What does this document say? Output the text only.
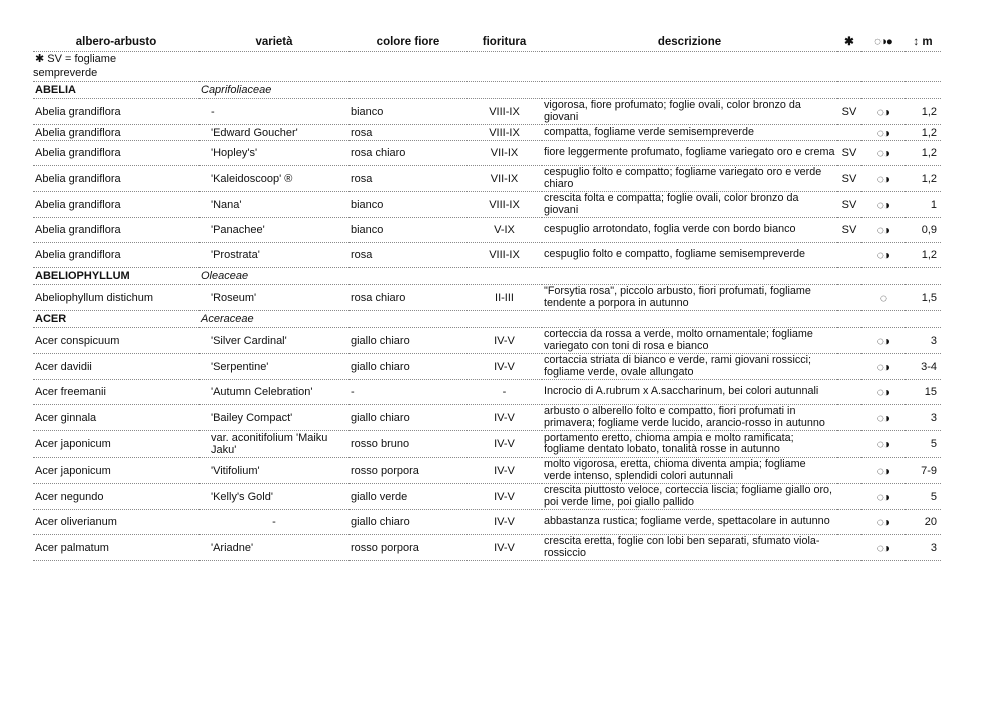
albero-arbusto	varietà	colore fiore	fioritura	descrizione	✱	◌◑●	↕ m
✱ SV = fogliame							
sempreverde							
ABELIA	Caprifoliaceae						
Abelia grandiflora	-	bianco	VIII-IX	vigorosa, fiore profumato; foglie ovali, color bronzo da giovani	SV	◌◑	1,2
Abelia grandiflora	'Edward Goucher'	rosa	VIII-IX	compatta, fogliame verde semisempreverde		◌◑	1,2
Abelia grandiflora	'Hopley's'	rosa chiaro	VII-IX	fiore leggermente profumato, fogliame variegato oro e crema	SV	◌◑	1,2
Abelia grandiflora	'Kaleidoscoop' ®	rosa	VII-IX	cespuglio folto e compatto; fogliame variegato oro e verde chiaro	SV	◌◑	1,2
Abelia grandiflora	'Nana'	bianco	VIII-IX	crescita folta e compatta; foglie ovali, color bronzo da giovani	SV	◌◑	1
Abelia grandiflora	'Panachee'	bianco	V-IX	cespuglio arrotondato, foglia verde con bordo bianco	SV	◌◑	0,9
Abelia grandiflora	'Prostrata'	rosa	VIII-IX	cespuglio folto e compatto, fogliame semisempreverde		◌◑	1,2
ABELIOPHYLLUM	Oleaceae						
Abeliophyllum distichum	'Roseum'	rosa chiaro	II-III	"Forsytia rosa", piccolo arbusto, fiori profumati, fogliame tendente a porpora in autunno		◌	1,5
ACER	Aceraceae						
Acer conspicuum	'Silver Cardinal'	giallo chiaro	IV-V	corteccia da rossa a verde, molto ornamentale; fogliame variegato con toni di rosa e bianco		◌◑	3
Acer davidii	'Serpentine'	giallo chiaro	IV-V	cortaccia striata di bianco e verde, rami giovani rossicci; fogliame verde, ovale allungato		◌◑	3-4
Acer freemanii	'Autumn Celebration'	-	-	Incrocio di A.rubrum x A.saccharinum, bei colori autunnali		◌◑	15
Acer ginnala	'Bailey Compact'	giallo chiaro	IV-V	arbusto o alberello folto e compatto, fiori profumati in primavera; fogliame verde lucido, arancio-rosso in autunno		◌◑	3
Acer japonicum	var. aconitifolium 'Maiku Jaku'	rosso bruno	IV-V	portamento eretto, chioma ampia e molto ramificata; fogliame dentato lobato, tonalità rosse in autunno		◌◑	5
Acer japonicum	'Vitifolium'	rosso porpora	IV-V	molto vigorosa, eretta, chioma diventa ampia; fogliame verde intenso, splendidi colori autunnali		◌◑	7-9
Acer negundo	'Kelly's Gold'	giallo verde	IV-V	crescita piuttosto veloce, corteccia liscia; fogliame giallo oro, poi verde lime, poi giallo pallido		◌◑	5
Acer oliverianum	-	giallo chiaro	IV-V	abbastanza rustica; fogliame verde, spettacolare in autunno		◌◑	20
Acer palmatum	'Ariadne'	rosso porpora	IV-V	crescita eretta, foglie con lobi ben separati, sfumato viola-rossiccio		◌◑	3
